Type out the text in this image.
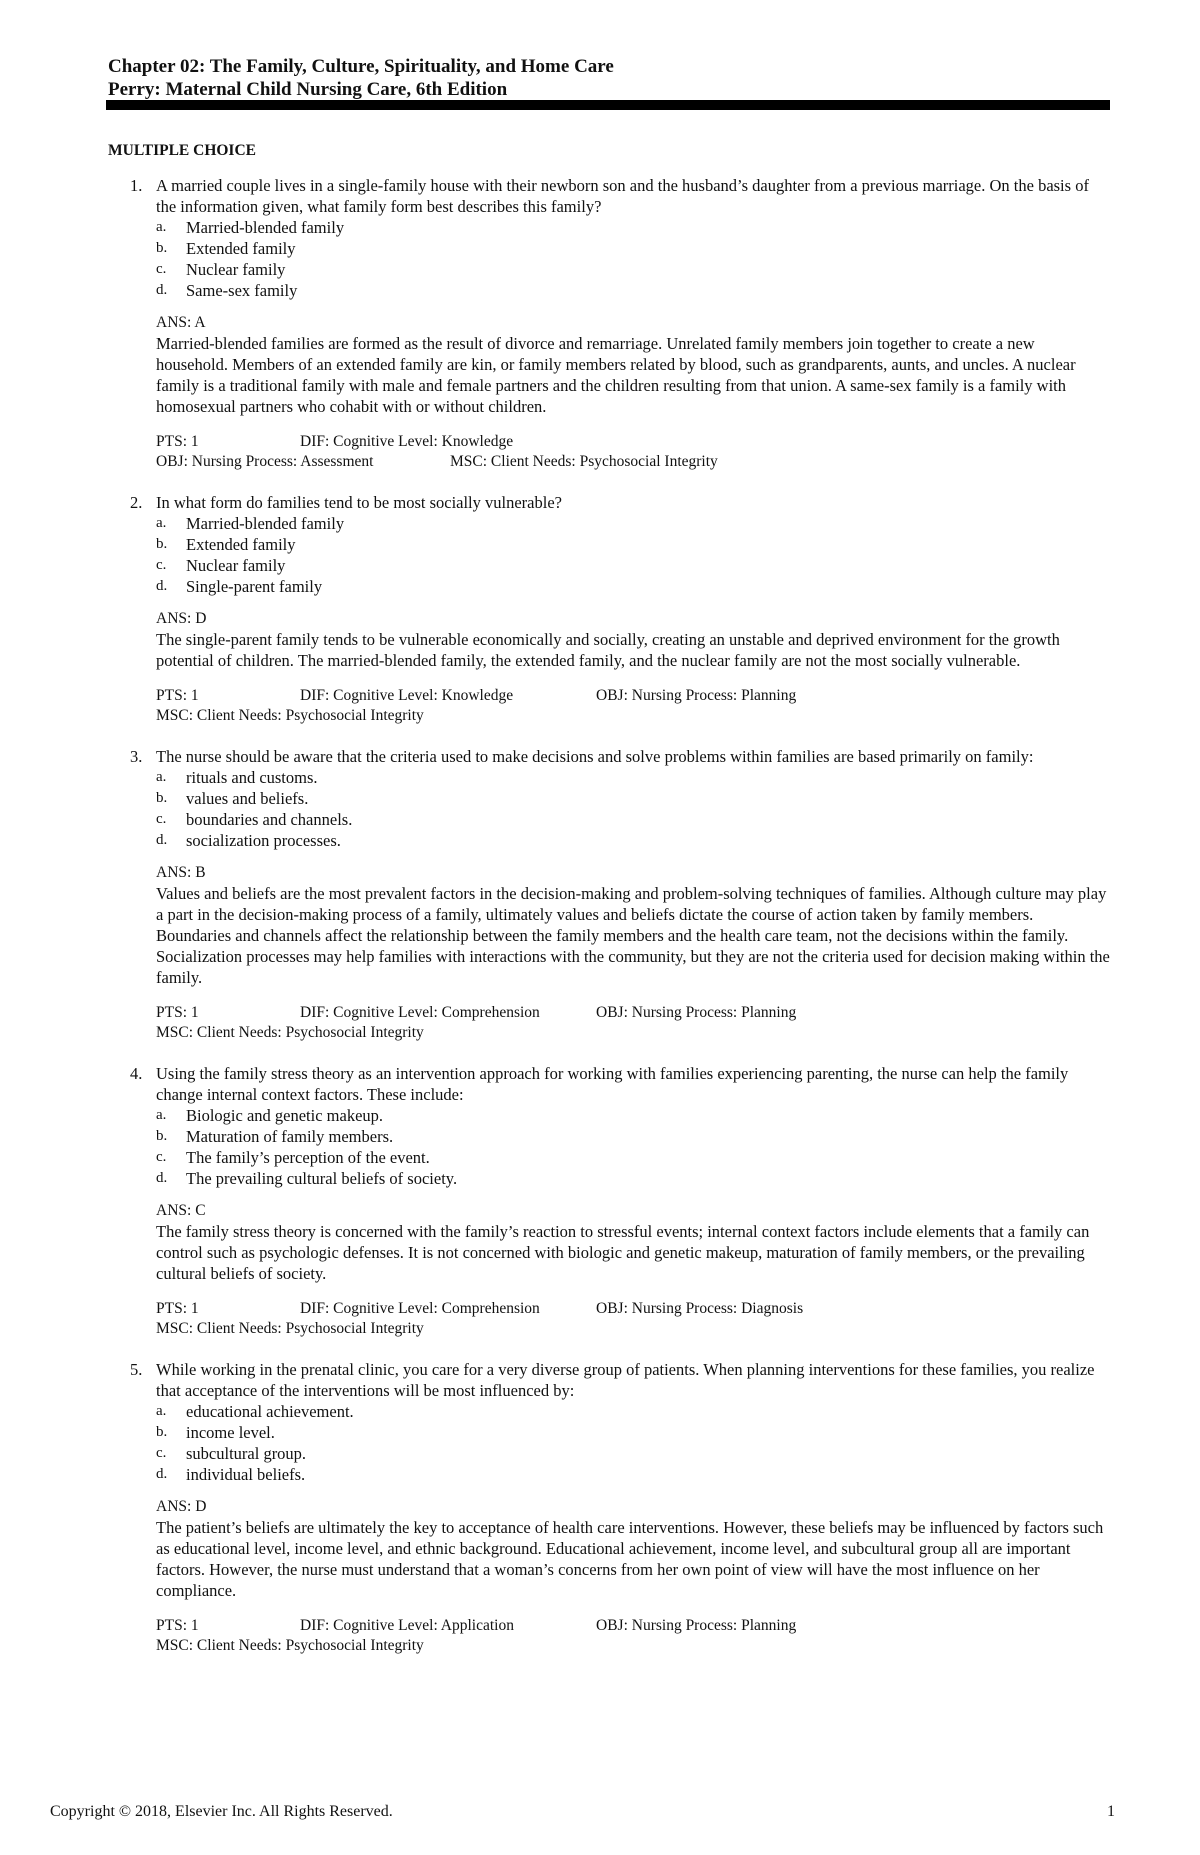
Chapter 02: The Family, Culture, Spirituality, and Home Care
Perry: Maternal Child Nursing Care, 6th Edition
MULTIPLE CHOICE
1. A married couple lives in a single-family house with their newborn son and the husband’s daughter from a previous marriage. On the basis of the information given, what family form best describes this family?

a. Married-blended family
b. Extended family
c. Nuclear family
d. Same-sex family
ANS: A

Married-blended families are formed as the result of divorce and remarriage. Unrelated family members join together to create a new household. Members of an extended family are kin, or family members related by blood, such as grandparents, aunts, and uncles. A nuclear family is a traditional family with male and female partners and the children resulting from that union. A same-sex family is a family with homosexual partners who cohabit with or without children.

PTS: 1	DIF: Cognitive Level: Knowledge
OBJ: Nursing Process: Assessment	MSC: Client Needs: Psychosocial Integrity
2. In what form do families tend to be most socially vulnerable?

a. Married-blended family
b. Extended family
c. Nuclear family
d. Single-parent family
ANS: D

The single-parent family tends to be vulnerable economically and socially, creating an unstable and deprived environment for the growth potential of children. The married-blended family, the extended family, and the nuclear family are not the most socially vulnerable.

PTS: 1	DIF: Cognitive Level: Knowledge	OBJ: Nursing Process: Planning
MSC: Client Needs: Psychosocial Integrity
3. The nurse should be aware that the criteria used to make decisions and solve problems within families are based primarily on family:

a. rituals and customs.
b. values and beliefs.
c. boundaries and channels.
d. socialization processes.
ANS: B

Values and beliefs are the most prevalent factors in the decision-making and problem-solving techniques of families. Although culture may play a part in the decision-making process of a family, ultimately values and beliefs dictate the course of action taken by family members. Boundaries and channels affect the relationship between the family members and the health care team, not the decisions within the family. Socialization processes may help families with interactions with the community, but they are not the criteria used for decision making within the family.

PTS: 1	DIF: Cognitive Level: Comprehension	OBJ: Nursing Process: Planning
MSC: Client Needs: Psychosocial Integrity
4. Using the family stress theory as an intervention approach for working with families experiencing parenting, the nurse can help the family change internal context factors. These include:

a. Biologic and genetic makeup.
b. Maturation of family members.
c. The family’s perception of the event.
d. The prevailing cultural beliefs of society.
ANS: C

The family stress theory is concerned with the family’s reaction to stressful events; internal context factors include elements that a family can control such as psychologic defenses. It is not concerned with biologic and genetic makeup, maturation of family members, or the prevailing cultural beliefs of society.

PTS: 1	DIF: Cognitive Level: Comprehension	OBJ: Nursing Process: Diagnosis
MSC: Client Needs: Psychosocial Integrity
5. While working in the prenatal clinic, you care for a very diverse group of patients. When planning interventions for these families, you realize that acceptance of the interventions will be most influenced by:

a. educational achievement.
b. income level.
c. subcultural group.
d. individual beliefs.
ANS: D

The patient’s beliefs are ultimately the key to acceptance of health care interventions. However, these beliefs may be influenced by factors such as educational level, income level, and ethnic background. Educational achievement, income level, and subcultural group all are important factors. However, the nurse must understand that a woman’s concerns from her own point of view will have the most influence on her compliance.

PTS: 1	DIF: Cognitive Level: Application	OBJ: Nursing Process: Planning
MSC: Client Needs: Psychosocial Integrity
Copyright © 2018, Elsevier Inc. All Rights Reserved.	1
